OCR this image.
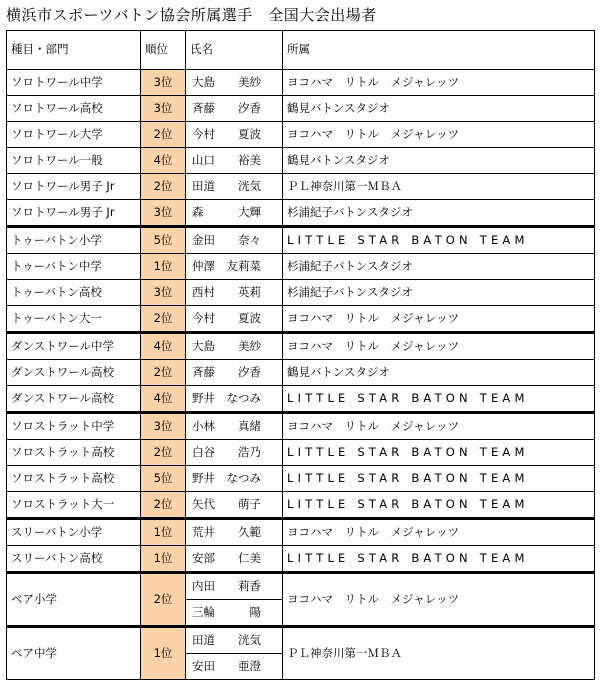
横浜市スポーツバトン協会所属選手　全国大会出場者
種目・部門	順位	氏名	所属
ソロトワール中学	3位	大島　　美紗	ヨコハマ　リトル　メジャレッツ
ソロトワール高校	3位	斉藤　　汐香	鶴見バトンスタジオ
ソロトワール大学	2位	今村　　夏波	ヨコハマ　リトル　メジャレッツ
ソロトワール一般	4位	山口　　裕美	鶴見バトンスタジオ
ソロトワール男子 Jr	2位	田道　　洸気	ＰＬ神奈川第一ＭＢＡ
ソロトワール男子 Jr	3位	森　　　大輝	杉浦紀子バトンスタジオ
トゥーバトン小学	5位	金田　　奈々	LITTLE STAR BATON TEAM
トゥーバトン中学	1位	仲澤　友莉菜	杉浦紀子バトンスタジオ
トゥーバトン高校	3位	西村　　英莉	杉浦紀子バトンスタジオ
トゥーバトン大一	2位	今村　　夏波	ヨコハマ　リトル　メジャレッツ
ダンストワール中学	4位	大島　　美紗	ヨコハマ　リトル　メジャレッツ
ダンストワール高校	2位	斉藤　　汐香	鶴見バトンスタジオ
ダンストワール高校	4位	野井　なつみ	LITTLE STAR BATON TEAM
ソロストラット中学	3位	小林　　真緒	ヨコハマ　リトル　メジャレッツ
ソロストラット高校	2位	白谷　　浩乃	LITTLE STAR BATON TEAM
ソロストラット高校	5位	野井　なつみ	LITTLE STAR BATON TEAM
ソロストラット大一	2位	矢代　　萌子	LITTLE STAR BATON TEAM
スリーバトン小学	1位	荒井　　久範	ヨコハマ　リトル　メジャレッツ
スリーバトン高校	1位	安部　　仁美	LITTLE STAR BATON TEAM
ペア小学	2位	内田　　莉香	ヨコハマ　リトル　メジャレッツ
		三輪　　　陽	
ペア中学	1位	田道　　洸気	ＰＬ神奈川第一ＭＢＡ
		安田　　亜澄	
